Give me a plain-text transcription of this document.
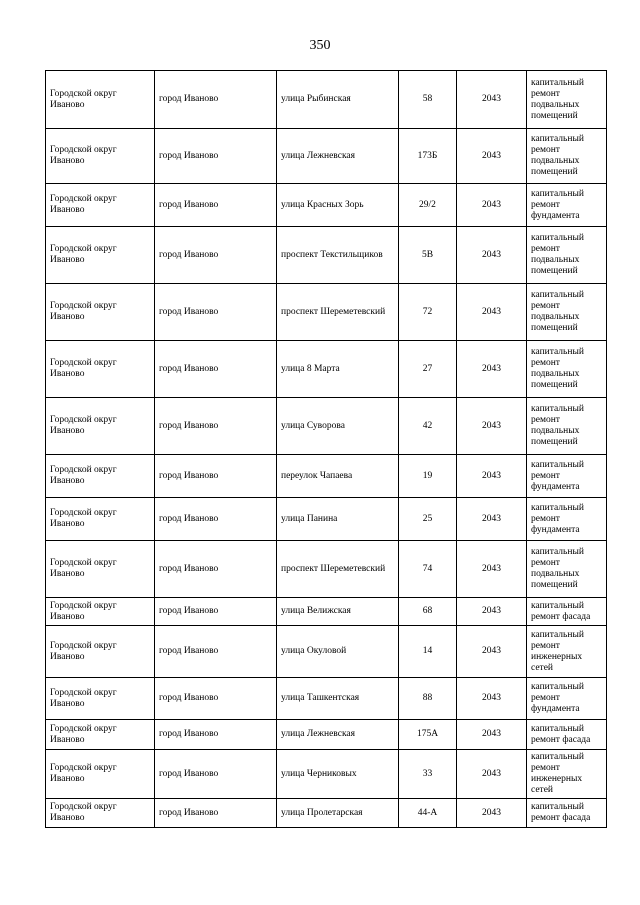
350
Городской округ Иваново	город Иваново	улица Рыбинская	58	2043	капитальный ремонт подвальных помещений
Городской округ Иваново	город Иваново	улица Лежневская	173Б	2043	капитальный ремонт подвальных помещений
Городской округ Иваново	город Иваново	улица Красных Зорь	29/2	2043	капитальный ремонт фундамента
Городской округ Иваново	город Иваново	проспект Текстильщиков	5В	2043	капитальный ремонт подвальных помещений
Городской округ Иваново	город Иваново	проспект Шереметевский	72	2043	капитальный ремонт подвальных помещений
Городской округ Иваново	город Иваново	улица 8 Марта	27	2043	капитальный ремонт подвальных помещений
Городской округ Иваново	город Иваново	улица Суворова	42	2043	капитальный ремонт подвальных помещений
Городской округ Иваново	город Иваново	переулок Чапаева	19	2043	капитальный ремонт фундамента
Городской округ Иваново	город Иваново	улица Панина	25	2043	капитальный ремонт фундамента
Городской округ Иваново	город Иваново	проспект Шереметевский	74	2043	капитальный ремонт подвальных помещений
Городской округ Иваново	город Иваново	улица Велижская	68	2043	капитальный ремонт фасада
Городской округ Иваново	город Иваново	улица Окуловой	14	2043	капитальный ремонт инженерных сетей
Городской округ Иваново	город Иваново	улица Ташкентская	88	2043	капитальный ремонт фундамента
Городской округ Иваново	город Иваново	улица Лежневская	175А	2043	капитальный ремонт фасада
Городской округ Иваново	город Иваново	улица Черниковых	33	2043	капитальный ремонт инженерных сетей
Городской округ Иваново	город Иваново	улица Пролетарская	44-А	2043	капитальный ремонт фасада
